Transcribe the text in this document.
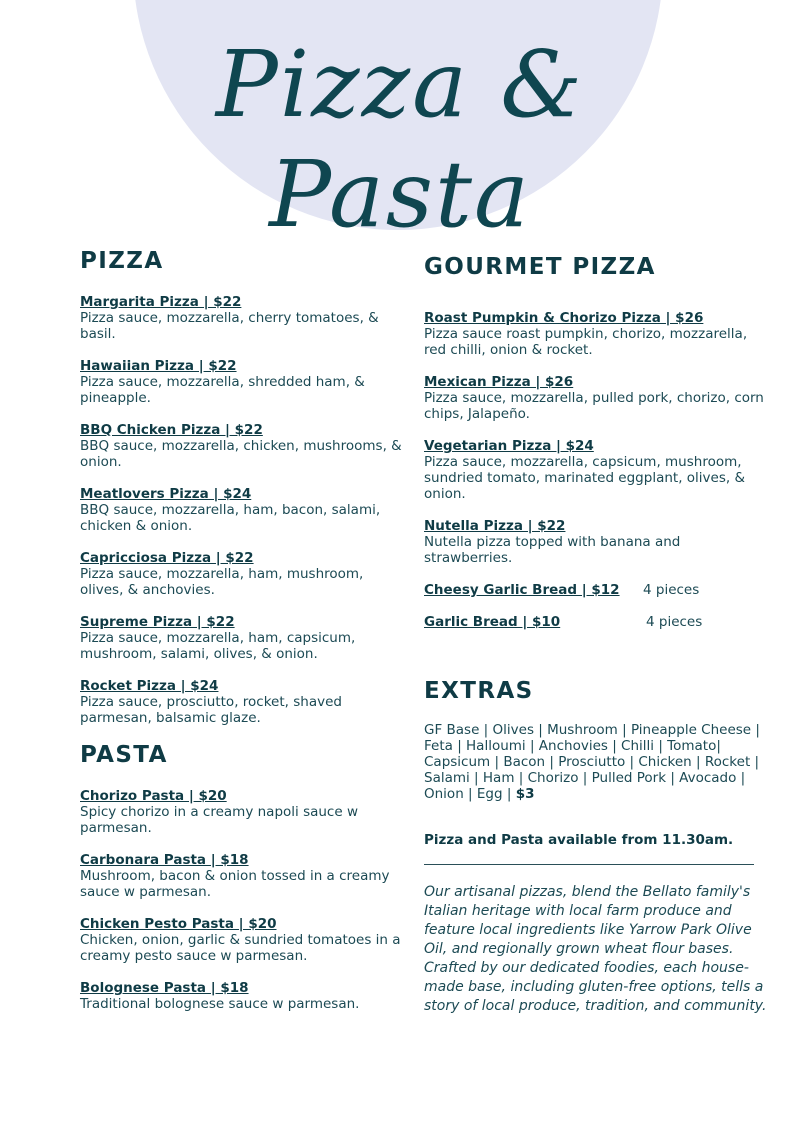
Pizza & Pasta
PIZZA
Margarita Pizza | $22
Pizza sauce, mozzarella, cherry tomatoes, & basil.
Hawaiian Pizza | $22
Pizza sauce, mozzarella, shredded ham, & pineapple.
BBQ Chicken Pizza | $22
BBQ sauce, mozzarella, chicken, mushrooms, & onion.
Meatlovers Pizza | $24
BBQ sauce, mozzarella, ham, bacon, salami, chicken & onion.
Capricciosa Pizza | $22
Pizza sauce, mozzarella, ham, mushroom, olives, & anchovies.
Supreme Pizza | $22
Pizza sauce, mozzarella, ham, capsicum, mushroom, salami, olives, & onion.
Rocket Pizza | $24
Pizza sauce, prosciutto, rocket, shaved parmesan, balsamic glaze.
PASTA
Chorizo Pasta | $20
Spicy chorizo in a creamy napoli sauce w parmesan.
Carbonara Pasta | $18
Mushroom, bacon & onion tossed in a creamy sauce w parmesan.
Chicken Pesto Pasta | $20
Chicken, onion, garlic & sundried tomatoes in a creamy pesto sauce w parmesan.
Bolognese Pasta | $18
Traditional bolognese sauce w parmesan.
GOURMET PIZZA
Roast Pumpkin & Chorizo Pizza | $26
Pizza sauce roast pumpkin, chorizo, mozzarella, red chilli, onion & rocket.
Mexican Pizza | $26
Pizza sauce, mozzarella, pulled pork, chorizo, corn chips, Jalapeño.
Vegetarian Pizza | $24
Pizza sauce, mozzarella, capsicum, mushroom, sundried tomato, marinated eggplant, olives, & onion.
Nutella Pizza | $22
Nutella pizza topped with banana and strawberries.
Cheesy Garlic Bread | $12	4 pieces
Garlic Bread | $10	4 pieces
EXTRAS
GF Base | Olives | Mushroom | Pineapple Cheese | Feta | Halloumi | Anchovies | Chilli | Tomato| Capsicum | Bacon | Prosciutto | Chicken | Rocket | Salami | Ham | Chorizo | Pulled Pork | Avocado | Onion | Egg | $3
Pizza and Pasta available from 11.30am.
Our artisanal pizzas, blend the Bellato family's Italian heritage with local farm produce and feature local ingredients like Yarrow Park Olive Oil, and regionally grown wheat flour bases. Crafted by our dedicated foodies, each house-made base, including gluten-free options, tells a story of local produce, tradition, and community.
